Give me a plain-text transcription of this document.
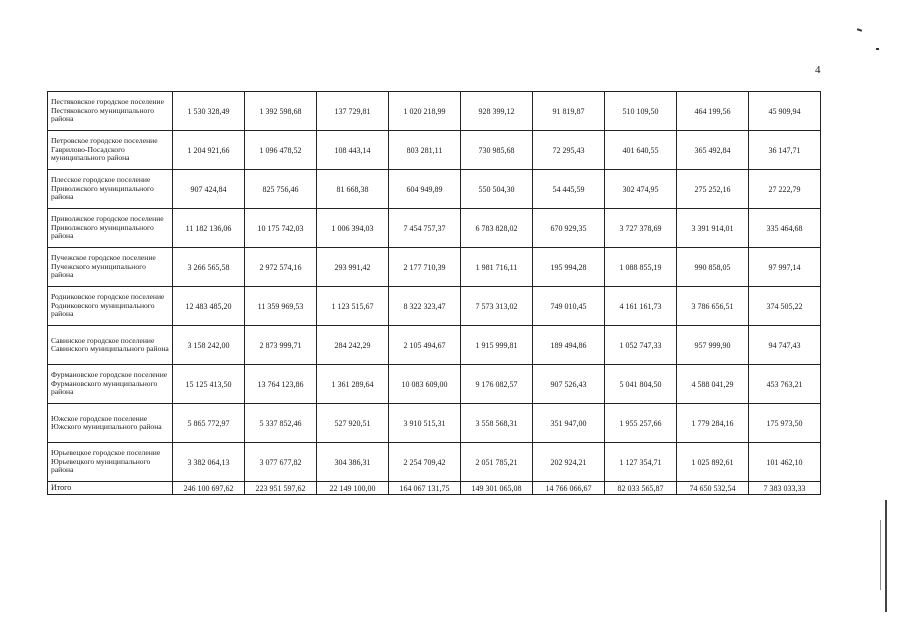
4
Пестяковское городское поселение Пестяковского муниципального района	1 530 328,49	1 392 598,68	137 729,81	1 020 218,99	928 399,12	91 819,87	510 109,50	464 199,56	45 909,94
Петровское городское поселение Гаврилово-Посадского муниципального района	1 204 921,66	1 096 478,52	108 443,14	803 281,11	730 985,68	72 295,43	401 640,55	365 492,84	36 147,71
Плесское городское поселение Приволжского муниципального района	907 424,84	825 756,46	81 668,38	604 949,89	550 504,30	54 445,59	302 474,95	275 252,16	27 222,79
Приволжское городское поселение Приволжского муниципального района	11 182 136,06	10 175 742,03	1 006 394,03	7 454 757,37	6 783 828,02	670 929,35	3 727 378,69	3 391 914,01	335 464,68
Пучежское городское поселение Пучежского муниципального района	3 266 565,58	2 972 574,16	293 991,42	2 177 710,39	1 981 716,11	195 994,28	1 088 855,19	990 858,05	97 997,14
Родниковское городское поселение Родниковского муниципального района	12 483 485,20	11 359 969,53	1 123 515,67	8 322 323,47	7 573 313,02	749 010,45	4 161 161,73	3 786 656,51	374 505,22
Савинское городское поселение Савинского муниципального района	3 158 242,00	2 873 999,71	284 242,29	2 105 494,67	1 915 999,81	189 494,86	1 052 747,33	957 999,90	94 747,43
Фурмановское городское поселение Фурмановского муниципального района	15 125 413,50	13 764 123,86	1 361 289,64	10 083 609,00	9 176 082,57	907 526,43	5 041 804,50	4 588 041,29	453 763,21
Южское городское поселение Южского муниципального района	5 865 772,97	5 337 852,46	527 920,51	3 910 515,31	3 558 568,31	351 947,00	1 955 257,66	1 779 284,16	175 973,50
Юрьевецкое городское поселение Юрьевецкого муниципального района	3 382 064,13	3 077 677,82	304 386,31	2 254 709,42	2 051 785,21	202 924,21	1 127 354,71	1 025 892,61	101 462,10
Итого	246 100 697,62	223 951 597,62	22 149 100,00	164 067 131,75	149 301 065,08	14 766 066,67	82 033 565,87	74 650 532,54	7 383 033,33
